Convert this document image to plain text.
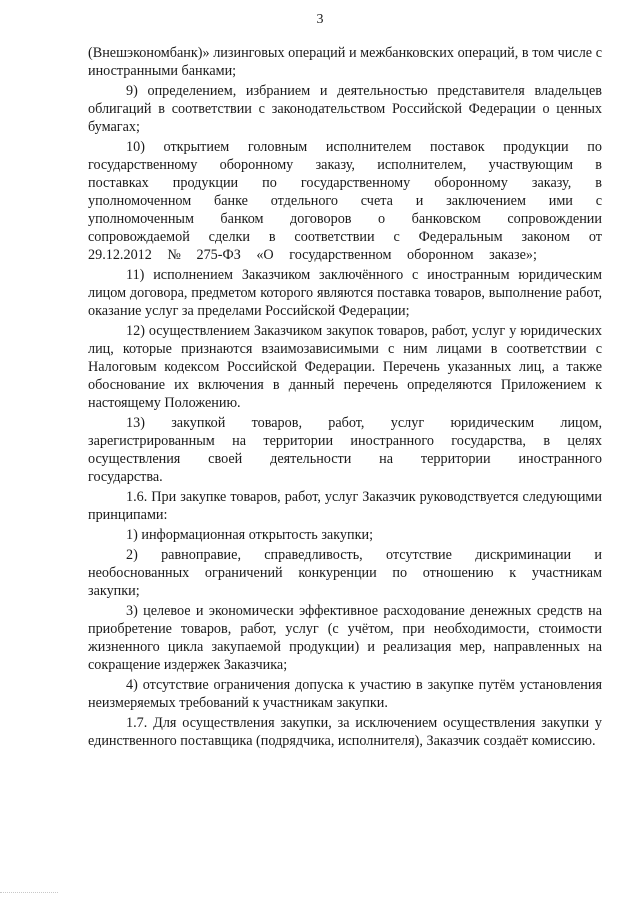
3

(Внешэкономбанк)» лизинговых операций и межбанковских операций, в том числе с иностранными банками;

9) определением, избранием и деятельностью представителя владельцев облигаций в соответствии с законодательством Российской Федерации о ценных бумагах;

10) открытием головным исполнителем поставок продукции по государственному оборонному заказу, исполнителем, участвующим в поставках продукции по государственному оборонному заказу, в уполномоченном банке отдельного счета и заключением ими с уполномоченным банком договоров о банковском сопровождении сопровождаемой сделки в соответствии с Федеральным законом от 29.12.2012 № 275-ФЗ «О государственном оборонном заказе»;

11) исполнением Заказчиком заключённого с иностранным юридическим лицом договора, предметом которого являются поставка товаров, выполнение работ, оказание услуг за пределами Российской Федерации;

12) осуществлением Заказчиком закупок товаров, работ, услуг у юридических лиц, которые признаются взаимозависимыми с ним лицами в соответствии с Налоговым кодексом Российской Федерации. Перечень указанных лиц, а также обоснование их включения в данный перечень определяются Приложением к настоящему Положению.

13) закупкой товаров, работ, услуг юридическим лицом, зарегистрированным на территории иностранного государства, в целях осуществления своей деятельности на территории иностранного государства.

1.6. При закупке товаров, работ, услуг Заказчик руководствуется следующими принципами:

1) информационная открытость закупки;

2) равноправие, справедливость, отсутствие дискриминации и необоснованных ограничений конкуренции по отношению к участникам закупки;

3) целевое и экономически эффективное расходование денежных средств на приобретение товаров, работ, услуг (с учётом, при необходимости, стоимости жизненного цикла закупаемой продукции) и реализация мер, направленных на сокращение издержек Заказчика;

4) отсутствие ограничения допуска к участию в закупке путём установления неизмеряемых требований к участникам закупки.

1.7. Для осуществления закупки, за исключением осуществления закупки у единственного поставщика (подрядчика, исполнителя), Заказчик создаёт комиссию.
